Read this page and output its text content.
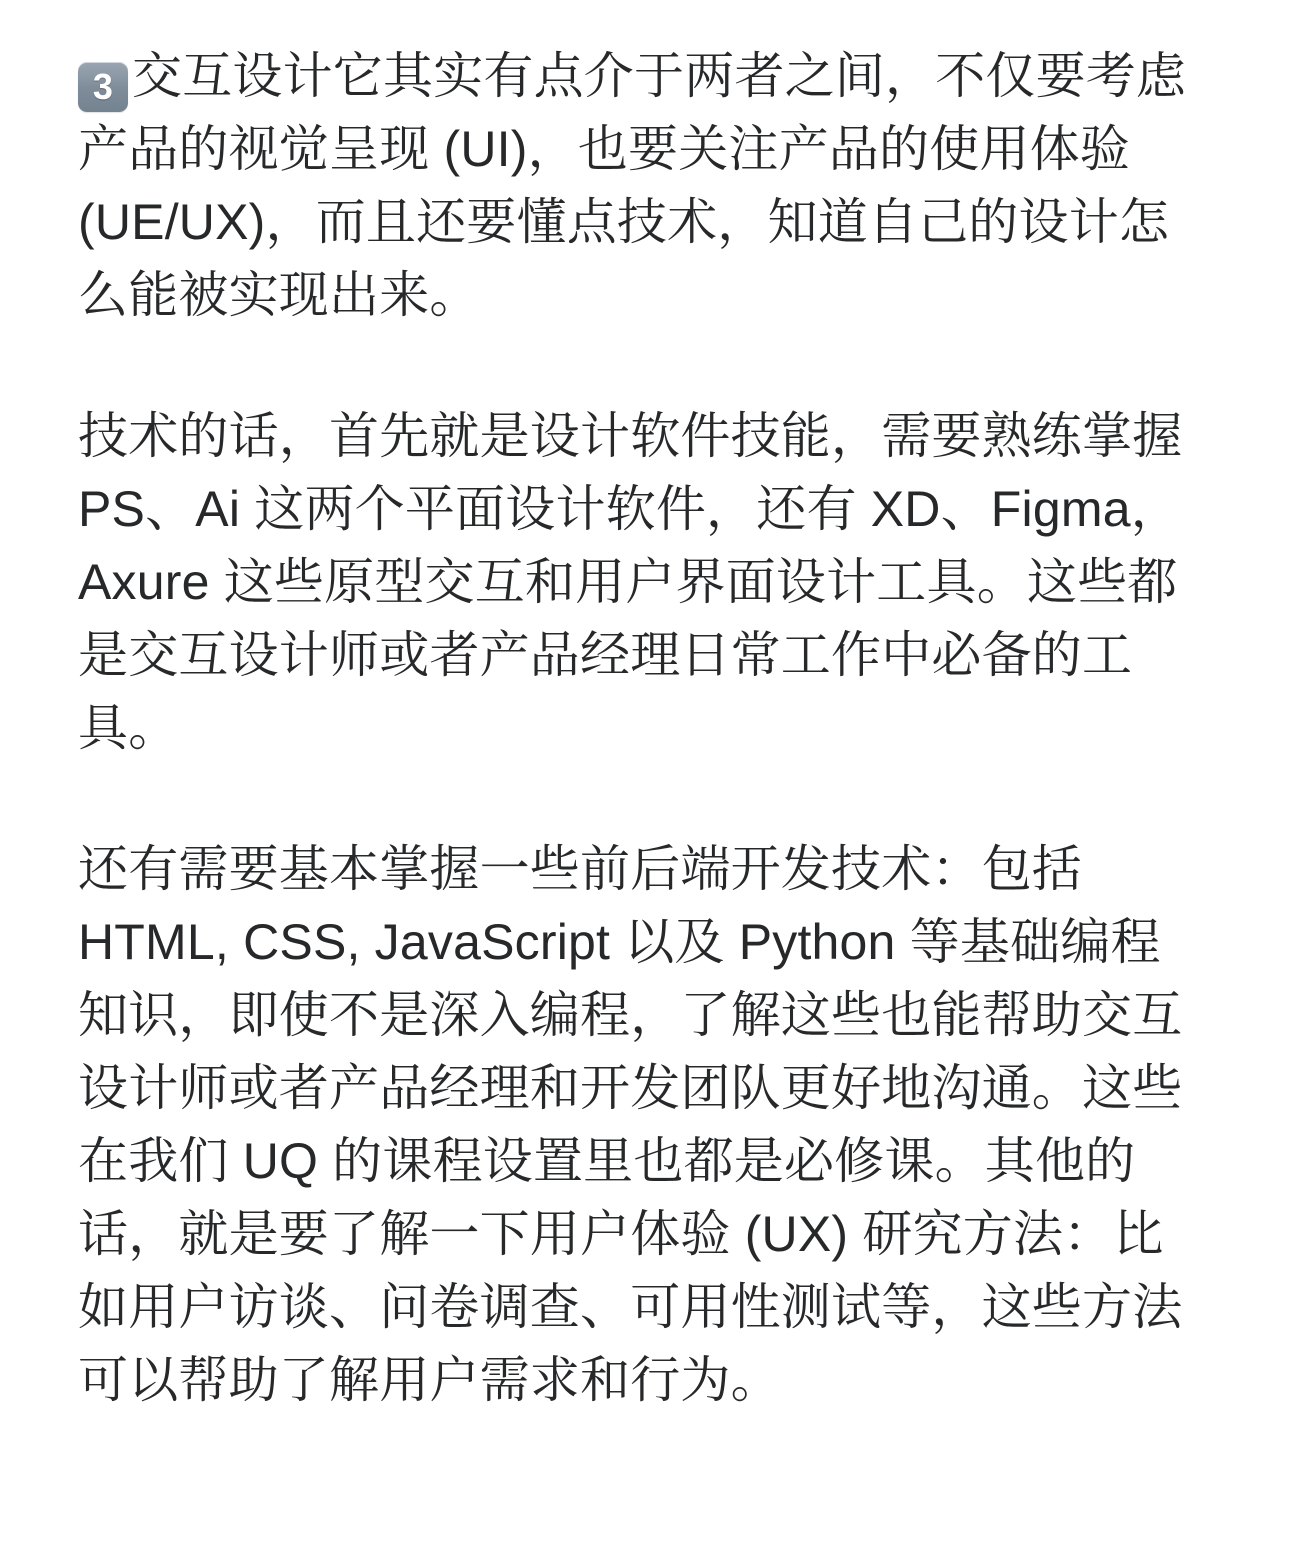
3 交互设计它其实有点介于两者之间，不仅要考虑产品的视觉呈现 (UI)，也要关注产品的使用体验 (UE/UX)，而且还要懂点技术，知道自己的设计怎么能被实现出来。

技术的话，首先就是设计软件技能，需要熟练掌握 PS、Ai 这两个平面设计软件，还有 XD、Figma，Axure 这些原型交互和用户界面设计工具。这些都是交互设计师或者产品经理日常工作中必备的工具。

还有需要基本掌握一些前后端开发技术：包括 HTML, CSS, JavaScript 以及 Python 等基础编程知识，即使不是深入编程，了解这些也能帮助交互设计师或者产品经理和开发团队更好地沟通。这些在我们 UQ 的课程设置里也都是必修课。其他的话，就是要了解一下用户体验 (UX) 研究方法：比如用户访谈、问卷调查、可用性测试等，这些方法可以帮助了解用户需求和行为。
